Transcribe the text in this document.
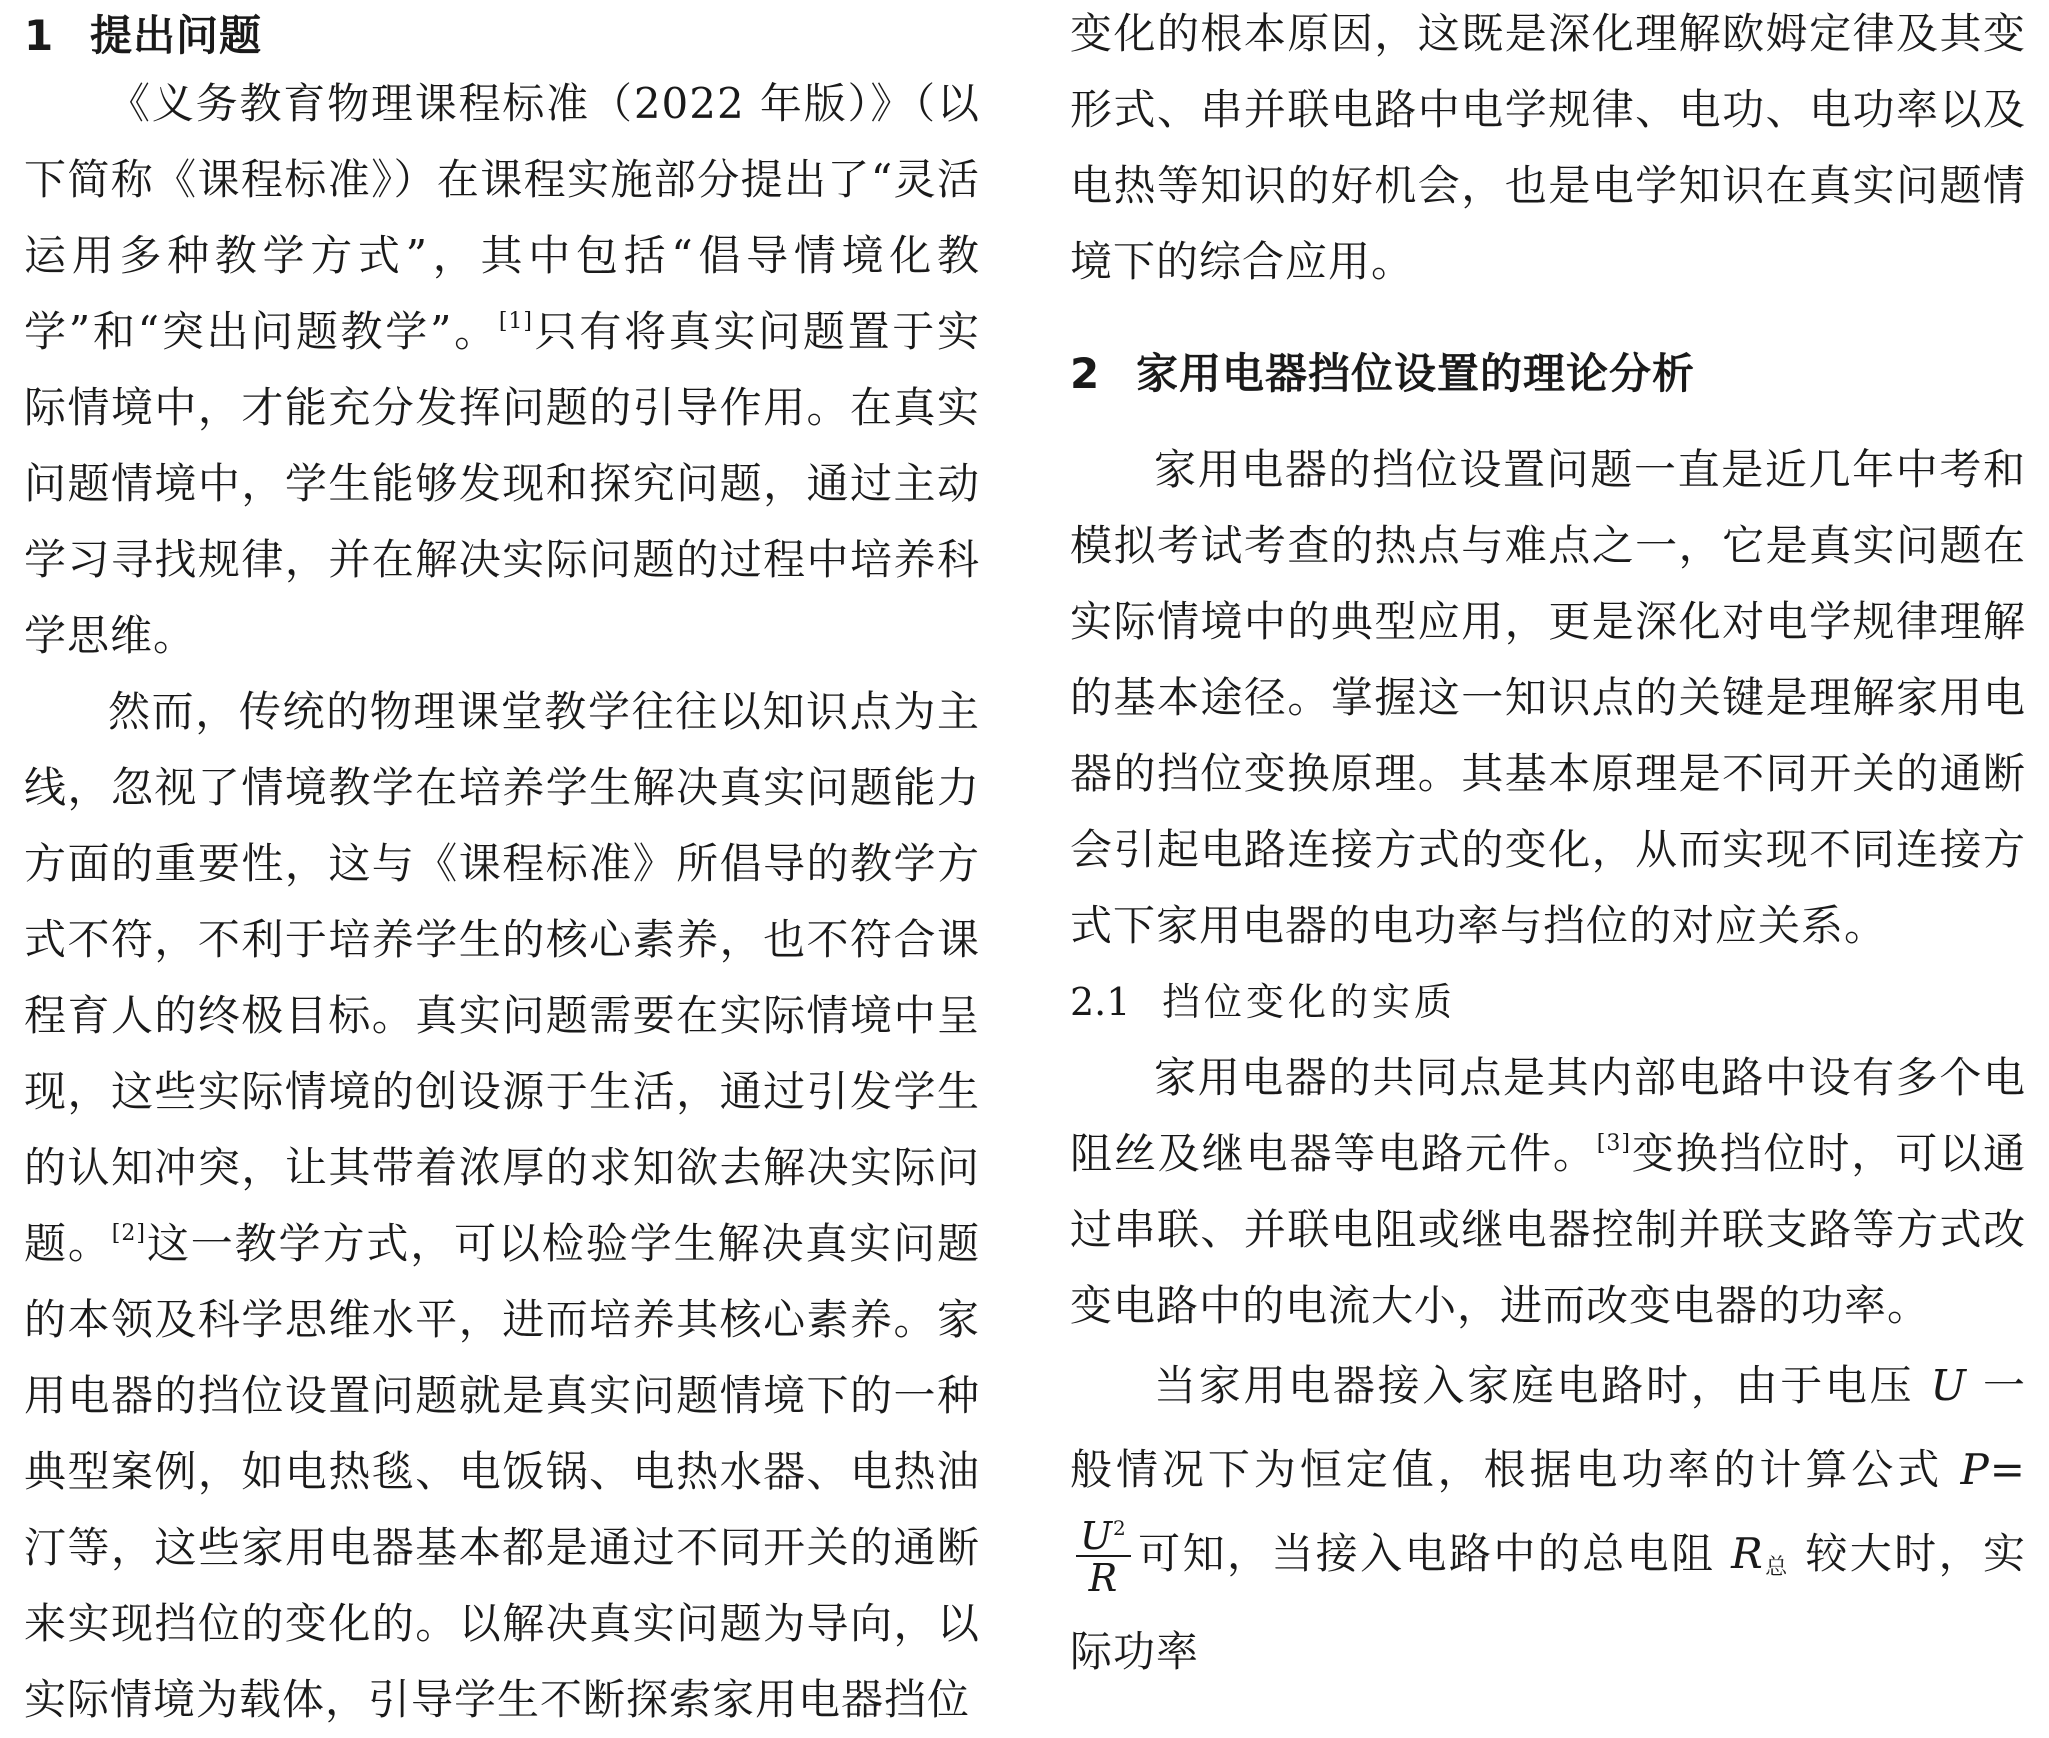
1 提出问题

《义务教育物理课程标准（2022 年版）》（以下简称《课程标准》）在课程实施部分提出了“灵活运用多种教学方式”，其中包括“倡导情境化教学”和“突出问题教学”。[1]只有将真实问题置于实际情境中，才能充分发挥问题的引导作用。在真实问题情境中，学生能够发现和探究问题，通过主动学习寻找规律，并在解决实际问题的过程中培养科学思维。

然而，传统的物理课堂教学往往以知识点为主线，忽视了情境教学在培养学生解决真实问题能力方面的重要性，这与《课程标准》所倡导的教学方式不符，不利于培养学生的核心素养，也不符合课程育人的终极目标。真实问题需要在实际情境中呈现，这些实际情境的创设源于生活，通过引发学生的认知冲突，让其带着浓厚的求知欲去解决实际问题。[2]这一教学方式，可以检验学生解决真实问题的本领及科学思维水平，进而培养其核心素养。家用电器的挡位设置问题就是真实问题情境下的一种典型案例，如电热毯、电饭锅、电热水器、电热油汀等，这些家用电器基本都是通过不同开关的通断来实现挡位的变化的。以解决真实问题为导向，以实际情境为载体，引导学生不断探索家用电器挡位

变化的根本原因，这既是深化理解欧姆定律及其变形式、串并联电路中电学规律、电功、电功率以及电热等知识的好机会，也是电学知识在真实问题情境下的综合应用。

2 家用电器挡位设置的理论分析

家用电器的挡位设置问题一直是近几年中考和模拟考试考查的热点与难点之一，它是真实问题在实际情境中的典型应用，更是深化对电学规律理解的基本途径。掌握这一知识点的关键是理解家用电器的挡位变换原理。其基本原理是不同开关的通断会引起电路连接方式的变化，从而实现不同连接方式下家用电器的电功率与挡位的对应关系。

2.1 挡位变化的实质

家用电器的共同点是其内部电路中设有多个电阻丝及继电器等电路元件。[3]变换挡位时，可以通过串联、并联电阻或继电器控制并联支路等方式改变电路中的电流大小，进而改变电器的功率。

当家用电器接入家庭电路时，由于电压 U 一般情况下为恒定值，根据电功率的计算公式 P=
$\frac{U^2}{R}$ 可知，当接入电路中的总电阻 $R_总$ 较大时，实际功率
